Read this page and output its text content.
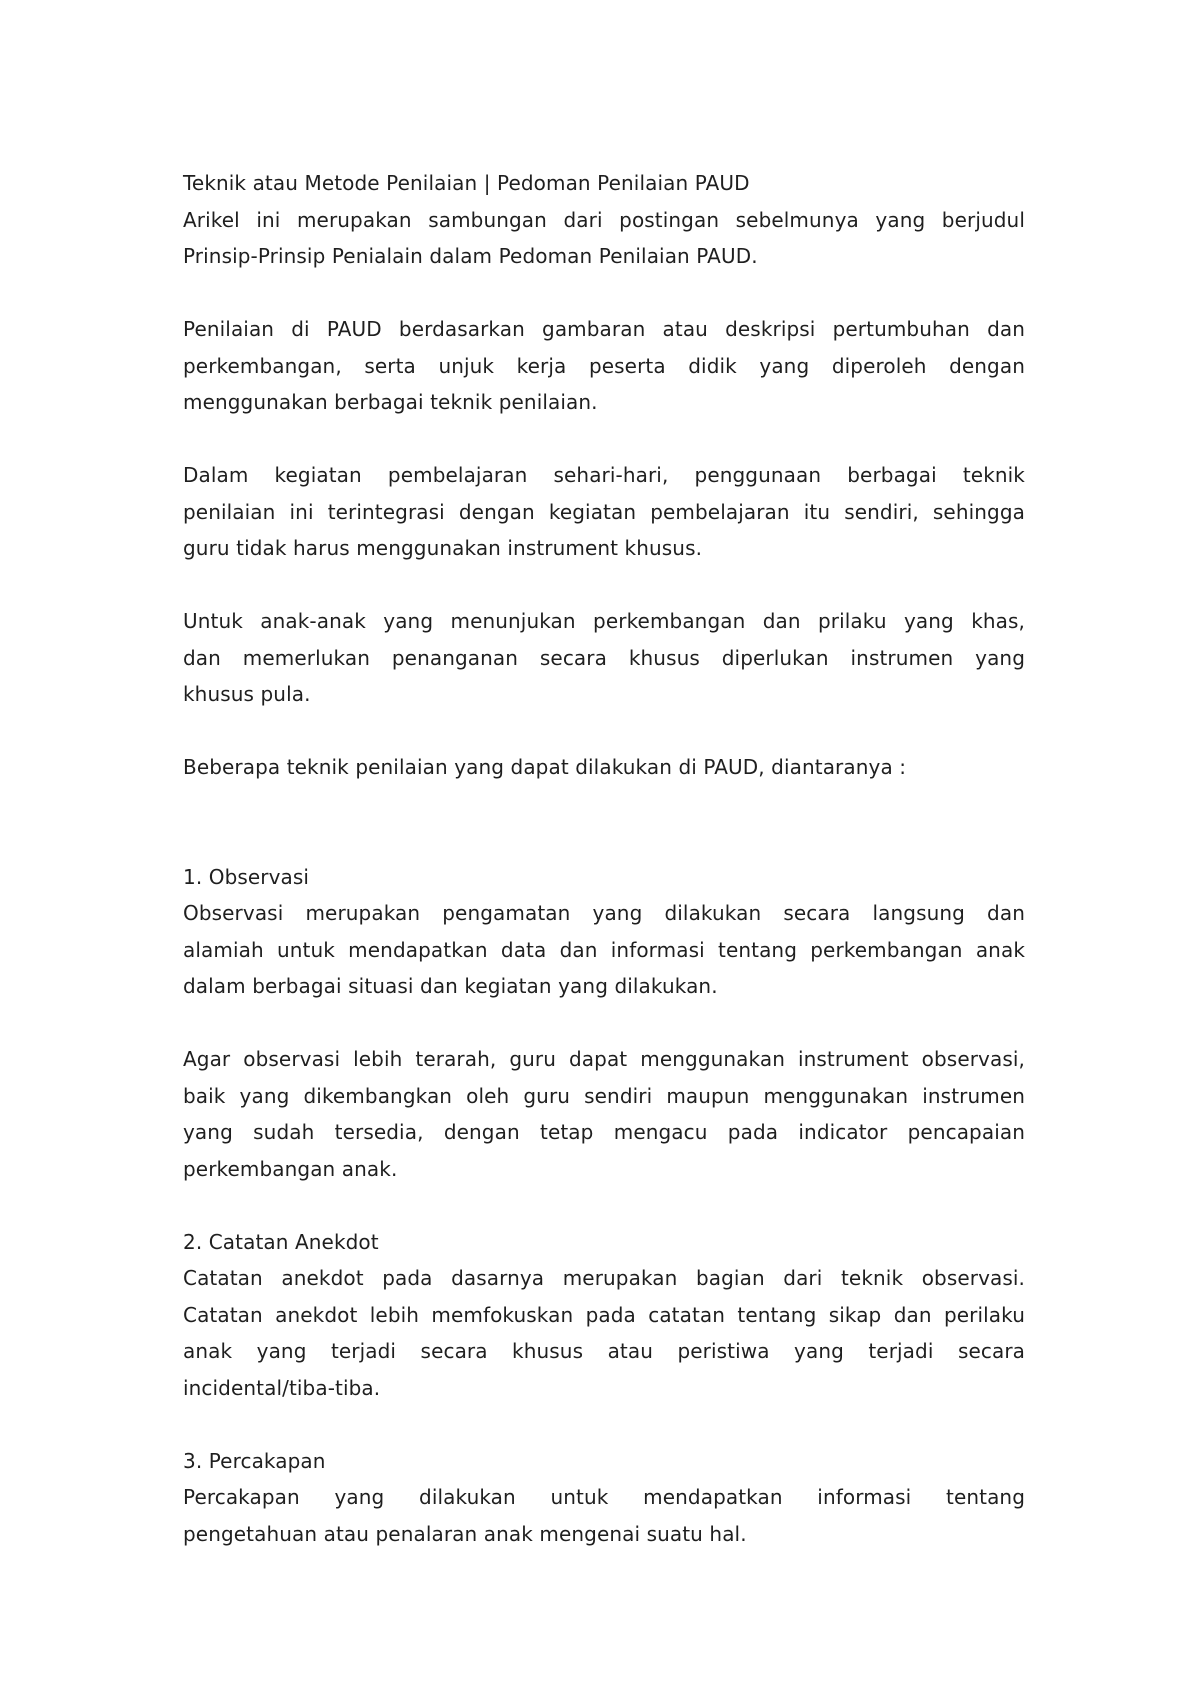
Teknik atau Metode Penilaian | Pedoman Penilaian PAUD
Arikel ini merupakan sambungan dari postingan sebelmunya yang berjudul
Prinsip-Prinsip Penialain dalam Pedoman Penilaian PAUD.
Penilaian di PAUD berdasarkan gambaran atau deskripsi pertumbuhan dan
perkembangan, serta unjuk kerja peserta didik yang diperoleh dengan
menggunakan berbagai teknik penilaian.
Dalam kegiatan pembelajaran sehari-hari, penggunaan berbagai teknik
penilaian ini terintegrasi dengan kegiatan pembelajaran itu sendiri, sehingga
guru tidak harus menggunakan instrument khusus.
Untuk anak-anak yang menunjukan perkembangan dan prilaku yang khas,
dan memerlukan penanganan secara khusus diperlukan instrumen yang
khusus pula.
Beberapa teknik penilaian yang dapat dilakukan di PAUD, diantaranya :
1. Observasi
Observasi merupakan pengamatan yang dilakukan secara langsung dan
alamiah untuk mendapatkan data dan informasi tentang perkembangan anak
dalam berbagai situasi dan kegiatan yang dilakukan.
Agar observasi lebih terarah, guru dapat menggunakan instrument observasi,
baik yang dikembangkan oleh guru sendiri maupun menggunakan instrumen
yang sudah tersedia, dengan tetap mengacu pada indicator pencapaian
perkembangan anak.
2. Catatan Anekdot
Catatan anekdot pada dasarnya merupakan bagian dari teknik observasi.
Catatan anekdot lebih memfokuskan pada catatan tentang sikap dan perilaku
anak yang terjadi secara khusus atau peristiwa yang terjadi secara
incidental/tiba-tiba.
3. Percakapan
Percakapan yang dilakukan untuk mendapatkan informasi tentang
pengetahuan atau penalaran anak mengenai suatu hal.
